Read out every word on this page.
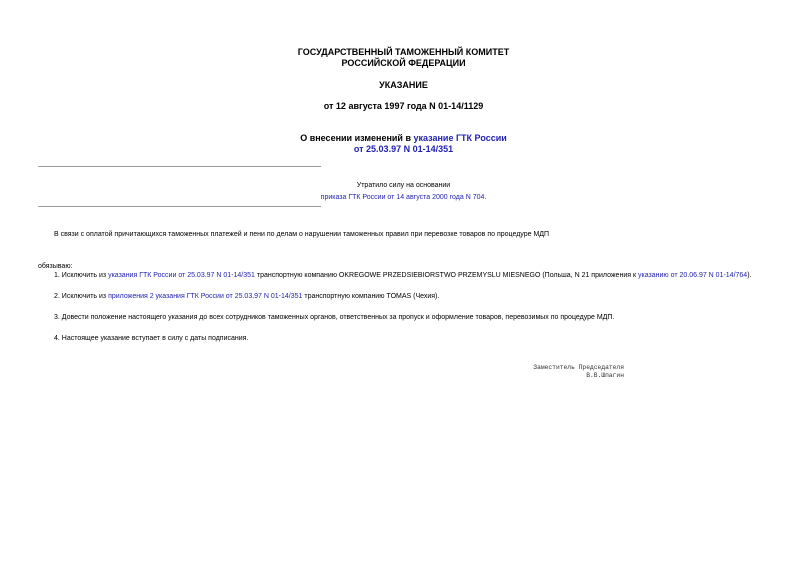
ГОСУДАРСТВЕННЫЙ ТАМОЖЕННЫЙ КОМИТЕТ
РОССИЙСКОЙ ФЕДЕРАЦИИ
УКАЗАНИЕ
от 12 августа 1997 года N 01-14/1129
О внесении изменений в указание ГТК России
от 25.03.97 N 01-14/351
Утратило силу на основании
приказа ГТК России от 14 августа 2000 года N 704.
В связи с оплатой причитающихся таможенных платежей и пени по делам о нарушении таможенных правил при перевозке товаров по процедуре МДП
обязываю:
1. Исключить из указания ГТК России от 25.03.97 N 01-14/351 транспортную компанию OKREGOWE PRZEDSIEBIORSTWO PRZEMYSLU MIESNEGO (Польша, N 21 приложения к указанию от 20.06.97 N 01-14/764).
2. Исключить из приложения 2 указания ГТК России от 25.03.97 N 01-14/351 транспортную компанию TOMAS (Чехия).
3. Довести положение настоящего указания до всех сотрудников таможенных органов, ответственных за пропуск и оформление товаров, перевозимых по процедуре МДП.
4. Настоящее указание вступает в силу с даты подписания.
Заместитель Председателя
В.В.Шпагин
